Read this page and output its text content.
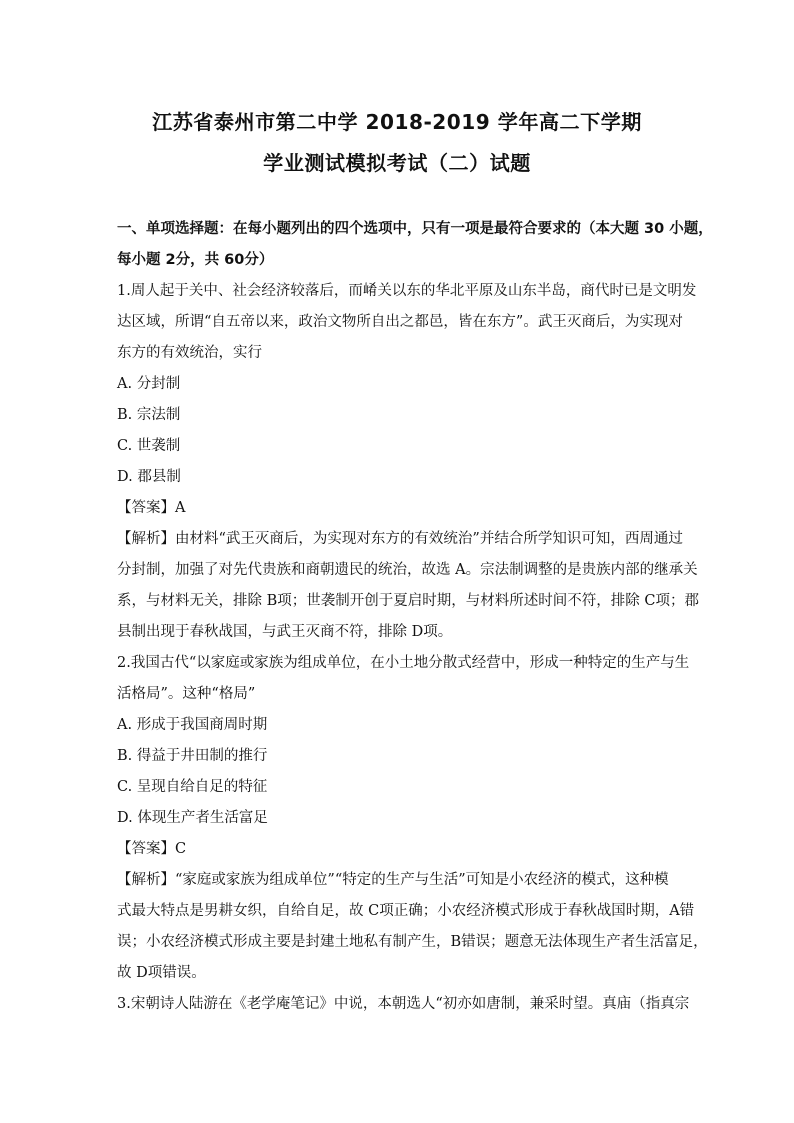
江苏省泰州市第二中学 2018-2019 学年高二下学期
学业测试模拟考试（二）试题
一、单项选择题：在每小题列出的四个选项中，只有一项是最符合要求的（本大题 30 小题，
每小题 2分，共 60分）
1.周人起于关中、社会经济较落后，而崤关以东的华北平原及山东半岛，商代时已是文明发
达区域，所谓“自五帝以来，政治文物所自出之都邑，皆在东方”。武王灭商后，为实现对
东方的有效统治，实行
A. 分封制
B. 宗法制
C. 世袭制
D. 郡县制
【答案】A
【解析】由材料“武王灭商后，为实现对东方的有效统治”并结合所学知识可知，西周通过
分封制，加强了对先代贵族和商朝遗民的统治，故选 A。宗法制调整的是贵族内部的继承关
系，与材料无关，排除 B项；世袭制开创于夏启时期，与材料所述时间不符，排除 C项；郡
县制出现于春秋战国，与武王灭商不符，排除 D项。
2.我国古代“以家庭或家族为组成单位，在小土地分散式经营中，形成一种特定的生产与生
活格局”。这种“格局”
A. 形成于我国商周时期
B. 得益于井田制的推行
C. 呈现自给自足的特征
D. 体现生产者生活富足
【答案】C
【解析】“家庭或家族为组成单位”“特定的生产与生活”可知是小农经济的模式，这种模
式最大特点是男耕女织，自给自足，故 C项正确；小农经济模式形成于春秋战国时期，A错
误；小农经济模式形成主要是封建土地私有制产生，B错误；题意无法体现生产者生活富足，
故 D项错误。
3.宋朝诗人陆游在《老学庵笔记》中说，本朝选人“初亦如唐制，兼采时望。真庙（指真宗
